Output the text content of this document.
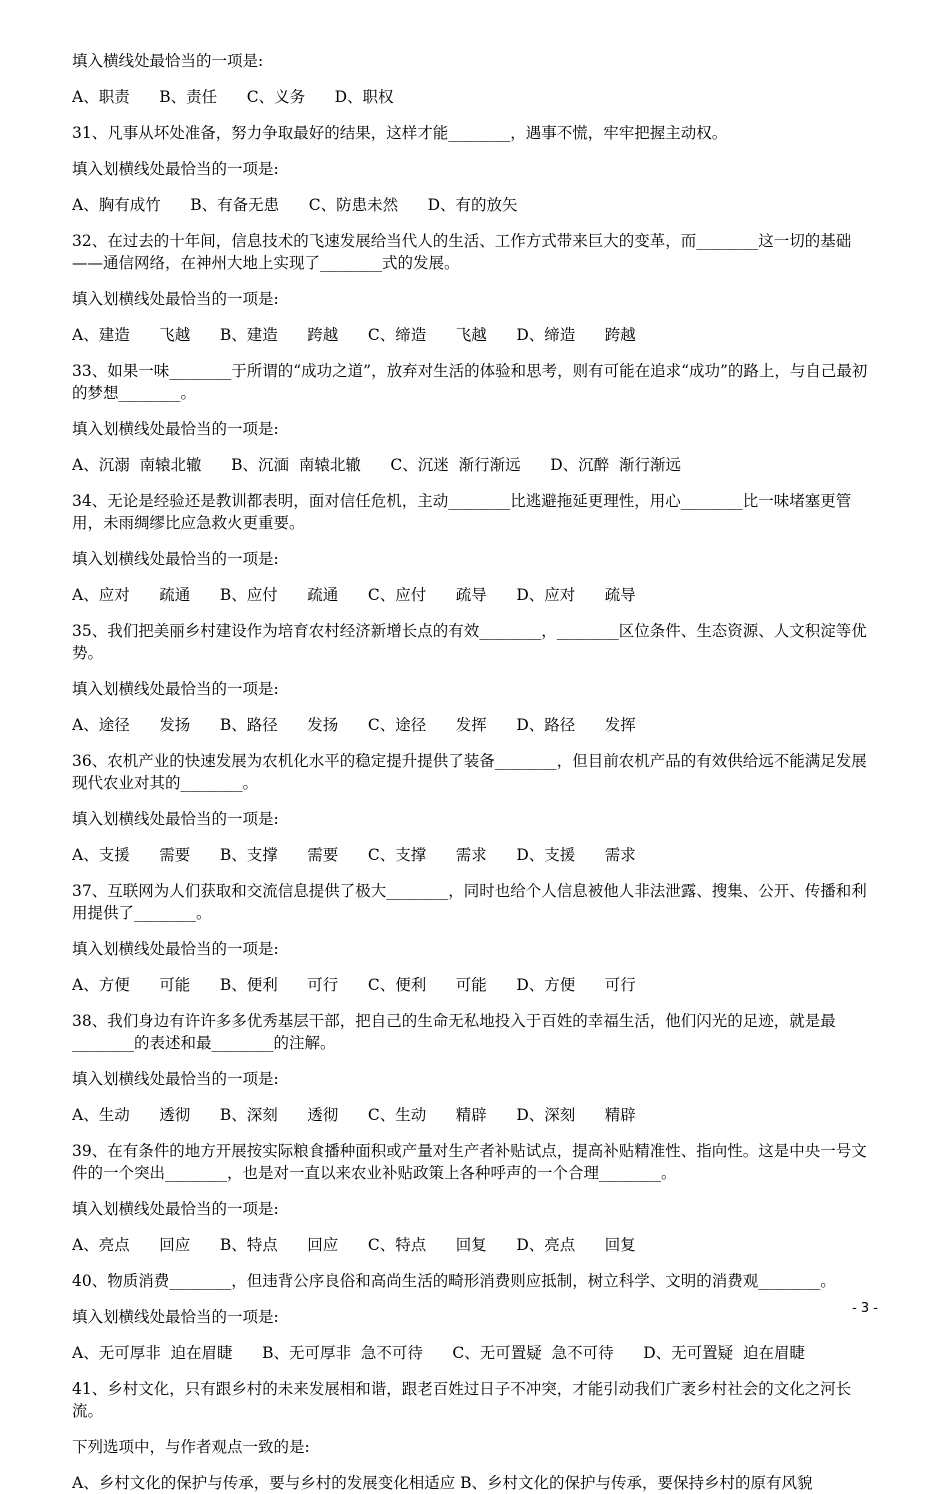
填入横线处最恰当的一项是:

A、职责      B、责任      C、义务      D、职权

31、凡事从坏处准备，努力争取最好的结果，这样才能________，遇事不慌，牢牢把握主动权。

填入划横线处最恰当的一项是:

A、胸有成竹      B、有备无患      C、防患未然      D、有的放矢

32、在过去的十年间，信息技术的飞速发展给当代人的生活、工作方式带来巨大的变革，而________这一切的基础——通信网络，在神州大地上实现了________式的发展。

填入划横线处最恰当的一项是:

A、建造      飞越      B、建造      跨越      C、缔造      飞越      D、缔造      跨越

33、如果一味________于所谓的“成功之道”，放弃对生活的体验和思考，则有可能在追求“成功”的路上，与自己最初的梦想________。

填入划横线处最恰当的一项是:

A、沉溺  南辕北辙      B、沉湎  南辕北辙      C、沉迷  渐行渐远      D、沉醉  渐行渐远

34、无论是经验还是教训都表明，面对信任危机，主动________比逃避拖延更理性，用心________比一味堵塞更管用，未雨绸缪比应急救火更重要。

填入划横线处最恰当的一项是:

A、应对      疏通      B、应付      疏通      C、应付      疏导      D、应对      疏导

35、我们把美丽乡村建设作为培育农村经济新增长点的有效________，________区位条件、生态资源、人文积淀等优势。

填入划横线处最恰当的一项是:

A、途径      发扬      B、路径      发扬      C、途径      发挥      D、路径      发挥

36、农机产业的快速发展为农机化水平的稳定提升提供了装备________，但目前农机产品的有效供给远不能满足发展现代农业对其的________。

填入划横线处最恰当的一项是:

A、支援      需要      B、支撑      需要      C、支撑      需求      D、支援      需求

37、互联网为人们获取和交流信息提供了极大________，同时也给个人信息被他人非法泄露、搜集、公开、传播和利用提供了________。

填入划横线处最恰当的一项是:

A、方便      可能      B、便利      可行      C、便利      可能      D、方便      可行

38、我们身边有许许多多优秀基层干部，把自己的生命无私地投入于百姓的幸福生活，他们闪光的足迹，就是最________的表述和最________的注解。

填入划横线处最恰当的一项是:

A、生动      透彻      B、深刻      透彻      C、生动      精辟      D、深刻      精辟

39、在有条件的地方开展按实际粮食播种面积或产量对生产者补贴试点，提高补贴精准性、指向性。这是中央一号文件的一个突出________，也是对一直以来农业补贴政策上各种呼声的一个合理________。

填入划横线处最恰当的一项是:

A、亮点      回应      B、特点      回应      C、特点      回复      D、亮点      回复

40、物质消费________，但违背公序良俗和高尚生活的畸形消费则应抵制，树立科学、文明的消费观________。

填入划横线处最恰当的一项是:

A、无可厚非  迫在眉睫      B、无可厚非  急不可待      C、无可置疑  急不可待      D、无可置疑  迫在眉睫

41、乡村文化，只有跟乡村的未来发展相和谐，跟老百姓过日子不冲突，才能引动我们广袤乡村社会的文化之河长流。

下列选项中，与作者观点一致的是:

A、乡村文化的保护与传承，要与乡村的发展变化相适应 B、乡村文化的保护与传承，要保持乡村的原有风貌

- 3 -
